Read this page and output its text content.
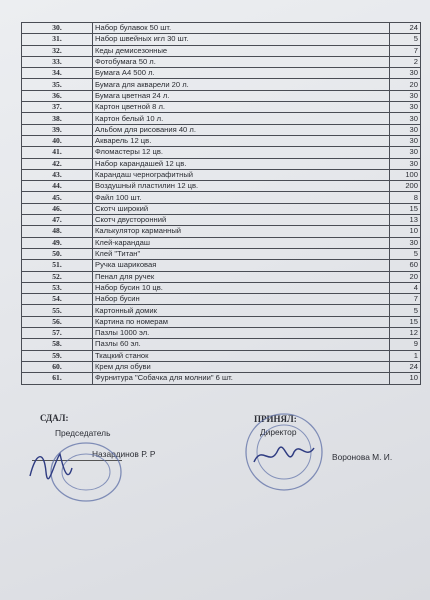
30.	Набор булавок 50 шт.	24
31.	Набор швейных игл 30 шт.	5
32.	Кеды демисезонные	7
33.	Фотобумага 50 л.	2
34.	Бумага А4 500 л.	30
35.	Бумага для акварели 20 л.	20
36.	Бумага цветная 24 л.	30
37.	Картон цветной 8 л.	30
38.	Картон белый 10 л.	30
39.	Альбом для рисования 40 л.	30
40.	Акварель 12 цв.	30
41.	Фломастеры 12 цв.	30
42.	Набор карандашей 12 цв.	30
43.	Карандаш чернографитный	100
44.	Воздушный пластилин 12 цв.	200
45.	Файл 100 шт.	8
46.	Скотч широкий	15
47.	Скотч двусторонний	13
48.	Калькулятор карманный	10
49.	Клей-карандаш	30
50.	Клей "Титан"	5
51.	Ручка шариковая	60
52.	Пенал для ручек	20
53.	Набор бусин 10 цв.	4
54.	Набор бусин	7
55.	Картонный домик	5
56.	Картина по номерам	15
57.	Пазлы 1000 эл.	12
58.	Пазлы 60 эл.	9
59.	Ткацкий станок	1
60.	Крем для обуви	24
61.	Фурнитура "Собачка для молнии" 6 шт.	10
СДАЛ:
Председатель
Назардинов Р. Р
ПРИНЯЛ:
Директор
Воронова М. И.
